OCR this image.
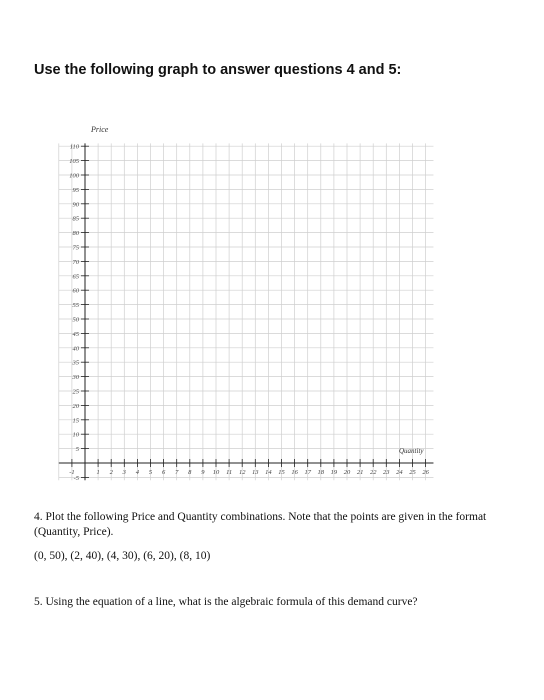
Use the following graph to answer questions 4 and 5:
110
105
100
95
90
85
80
75
70
65
60
55
50
45
40
35
30
25
20
15
10
5
-5
-1	1 2 3 4 5 6 7 8 9 10 11 12 13 14 15 16 17 18 19 20 21 22 23 24 25 26
Price
Quantity

4. Plot the following Price and Quantity combinations. Note that the points are given in the format (Quantity, Price).

(0, 50), (2, 40), (4, 30), (6, 20), (8, 10)

5. Using the equation of a line, what is the algebraic formula of this demand curve?
